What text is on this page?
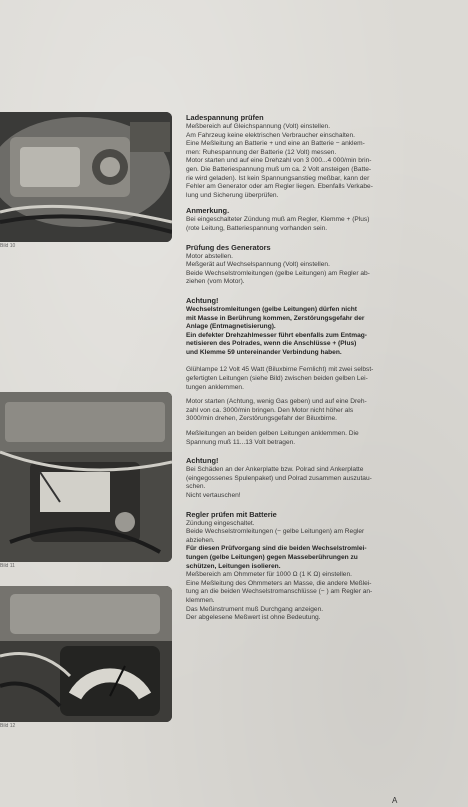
Bild 10
Bild 11
Bild 12
Ladespannung prüfen

Meßbereich auf Gleichspannung (Volt) einstellen.

Am Fahrzeug keine elektrischen Verbraucher einschalten.

Eine Meßleitung an Batterie + und eine an Batterie − anklem-

men: Ruhespannung der Batterie (12 Volt) messen.

Motor starten und auf eine Drehzahl von 3 000...4 000/min brin-

gen. Die Batteriespannung muß um ca. 2 Volt ansteigen (Batte-

rie wird geladen). Ist kein Spannungsanstieg meßbar, kann der

Fehler am Generator oder am Regler liegen. Ebenfalls Verkabe-

lung und Sicherung überprüfen.

Anmerkung.

Bei eingeschalteter Zündung muß am Regler, Klemme + (Plus)

(rote Leitung, Batteriespannung vorhanden sein.

Prüfung des Generators

Motor abstellen.

Meßgerät auf Wechselspannung (Volt) einstellen.

Beide Wechselstromleitungen (gelbe Leitungen) am Regler ab-

ziehen (vom Motor).

Achtung!

Wechselstromleitungen (gelbe Leitungen) dürfen nicht

mit Masse in Berührung kommen, Zerstörungsgefahr der

Anlage (Entmagnetisierung).

Ein defekter Drehzahlmesser führt ebenfalls zum Entmag-

netisieren des Polrades, wenn die Anschlüsse + (Plus)

und Klemme 59 untereinander Verbindung haben.

Glühlampe 12 Volt 45 Watt (Biluxbirne Fernlicht) mit zwei selbst-

gefertigten Leitungen (siehe Bild) zwischen beiden gelben Lei-

tungen anklemmen.

Motor starten (Achtung, wenig Gas geben) und auf eine Dreh-

zahl von ca. 3000/min bringen. Den Motor nicht höher als

3000/min drehen, Zerstörungsgefahr der Biluxbirne.

Meßleitungen an beiden gelben Leitungen anklemmen. Die

Spannung muß 11...13 Volt betragen.

Achtung!

Bei Schäden an der Ankerplatte bzw. Polrad sind Ankerplatte

(eingegossenes Spulenpaket) und Polrad zusammen auszutau-

schen.

Nicht vertauschen!

Regler prüfen mit Batterie

Zündung eingeschaltet.

Beide Wechselstromleitungen (− gelbe Leitungen) am Regler

abziehen.

Für diesen Prüfvorgang sind die beiden Wechselstromlei-

tungen (gelbe Leitungen) gegen Masseberührungen zu

schützen, Leitungen isolieren.

Meßbereich am Ohmmeter für 1000 Ω (1 K Ω) einstellen.

Eine Meßleitung des Ohmmeters an Masse, die andere Meßlei-

tung an die beiden Wechselstromanschlüsse (− ) am Regler an-

klemmen.

Das Meßinstrument muß Durchgang anzeigen.

Der abgelesene Meßwert ist ohne Bedeutung.

A
